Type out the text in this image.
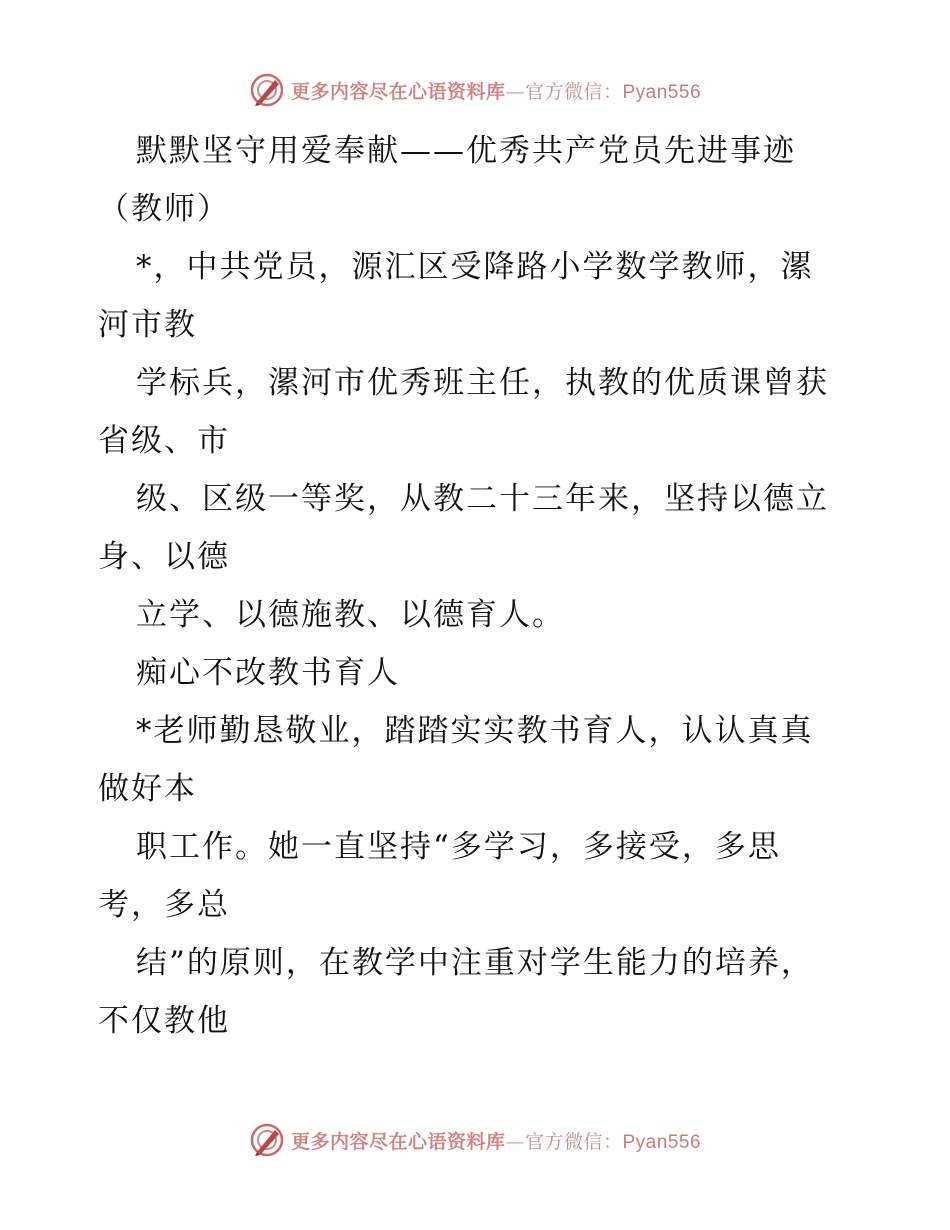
更多内容尽在心语资料库—官方微信：Pyan556
默默坚守用爱奉献——优秀共产党员先进事迹
（教师）
*，中共党员，源汇区受降路小学数学教师，漯
河市教
学标兵，漯河市优秀班主任，执教的优质课曾获
省级、市
级、区级一等奖，从教二十三年来，坚持以德立
身、以德
立学、以德施教、以德育人。
痴心不改教书育人
*老师勤恳敬业，踏踏实实教书育人，认认真真
做好本
职工作。她一直坚持“多学习，多接受，多思
考，多总
结”的原则，在教学中注重对学生能力的培养，
不仅教他
更多内容尽在心语资料库—官方微信：Pyan556
